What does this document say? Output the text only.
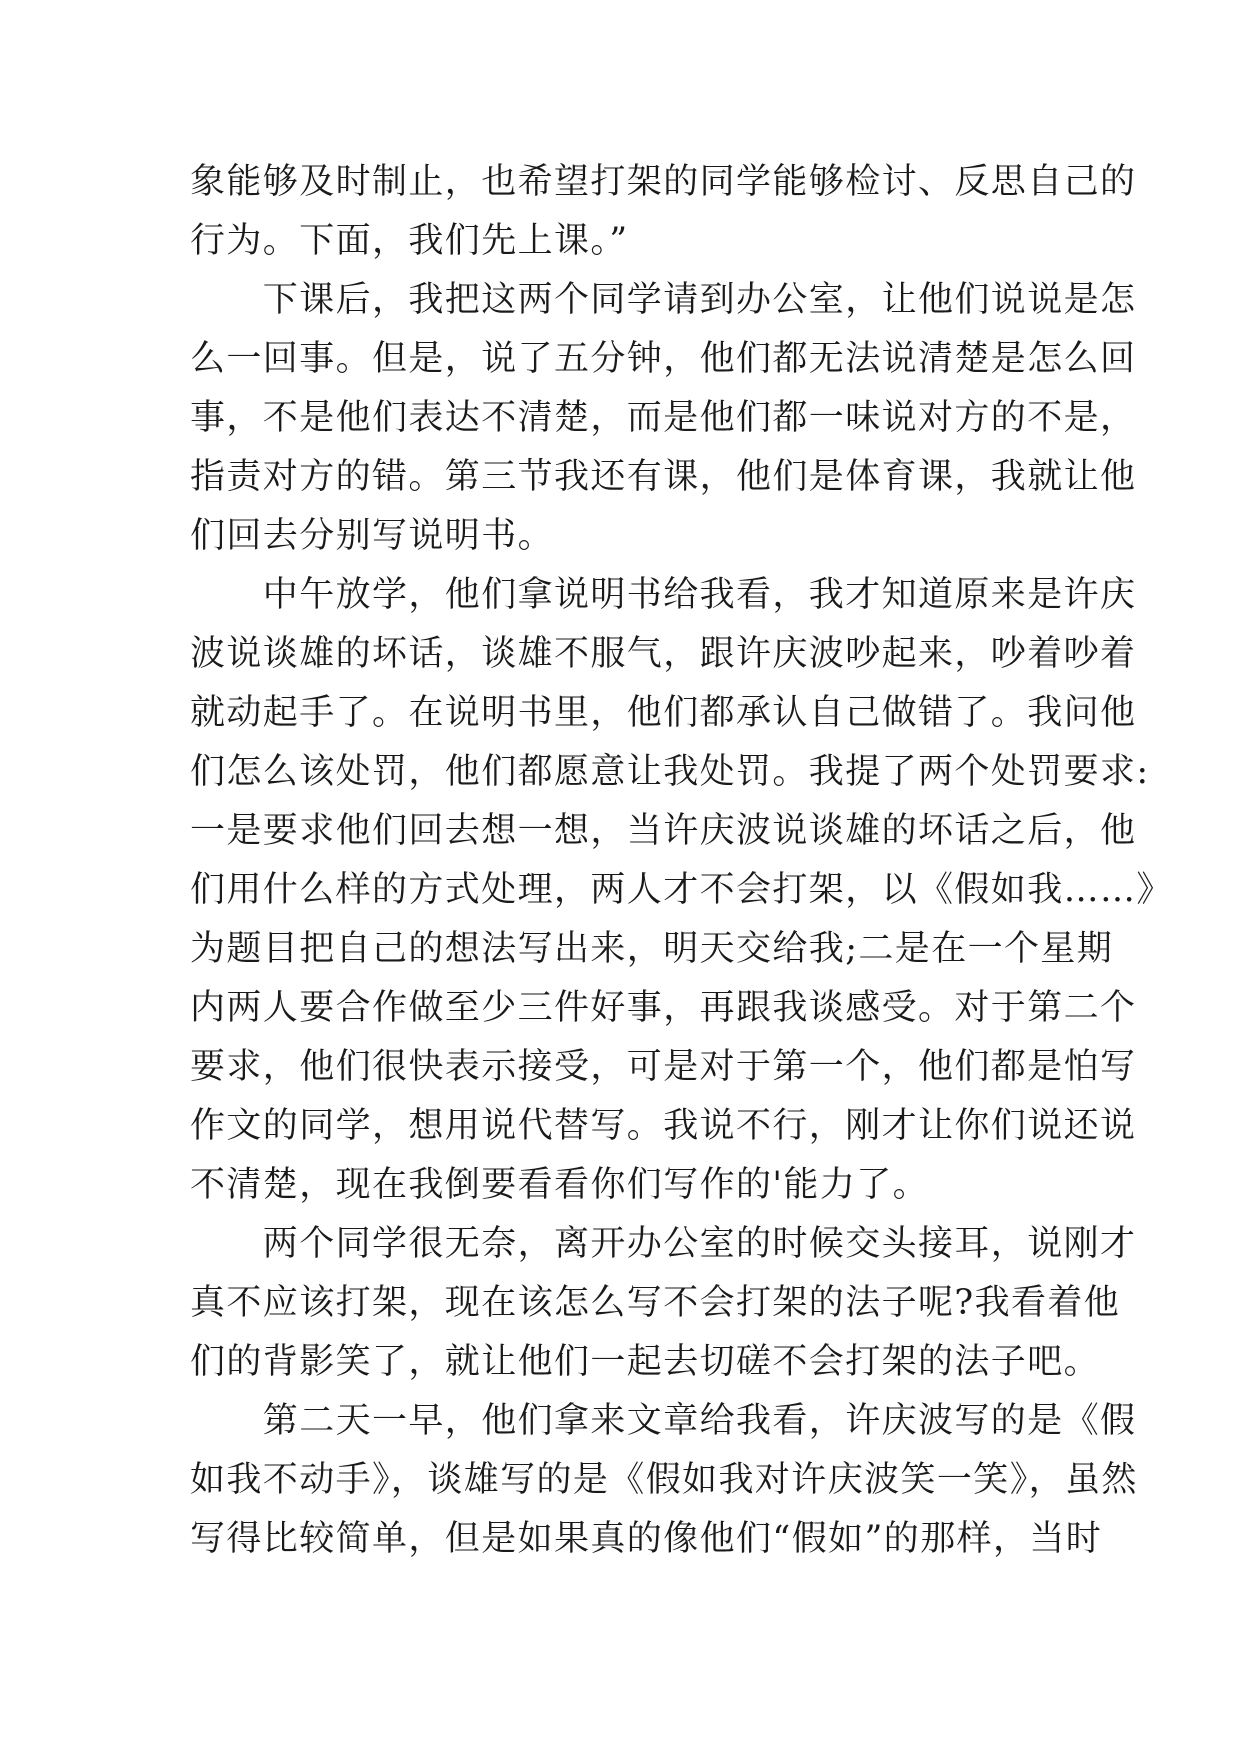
象能够及时制止，也希望打架的同学能够检讨、反思自己的
行为。下面，我们先上课。”
　　下课后，我把这两个同学请到办公室，让他们说说是怎
么一回事。但是，说了五分钟，他们都无法说清楚是怎么回
事，不是他们表达不清楚，而是他们都一味说对方的不是，
指责对方的错。第三节我还有课，他们是体育课，我就让他
们回去分别写说明书。
　　中午放学，他们拿说明书给我看，我才知道原来是许庆
波说谈雄的坏话，谈雄不服气，跟许庆波吵起来，吵着吵着
就动起手了。在说明书里，他们都承认自己做错了。我问他
们怎么该处罚，他们都愿意让我处罚。我提了两个处罚要求:
一是要求他们回去想一想，当许庆波说谈雄的坏话之后，他
们用什么样的方式处理，两人才不会打架，以《假如我……》
为题目把自己的想法写出来，明天交给我;二是在一个星期
内两人要合作做至少三件好事，再跟我谈感受。对于第二个
要求，他们很快表示接受，可是对于第一个，他们都是怕写
作文的同学，想用说代替写。我说不行，刚才让你们说还说
不清楚，现在我倒要看看你们写作的'能力了。
　　两个同学很无奈，离开办公室的时候交头接耳，说刚才
真不应该打架，现在该怎么写不会打架的法子呢?我看着他
们的背影笑了，就让他们一起去切磋不会打架的法子吧。
　　第二天一早，他们拿来文章给我看，许庆波写的是《假
如我不动手》，谈雄写的是《假如我对许庆波笑一笑》，虽然
写得比较简单，但是如果真的像他们“假如”的那样，当时
